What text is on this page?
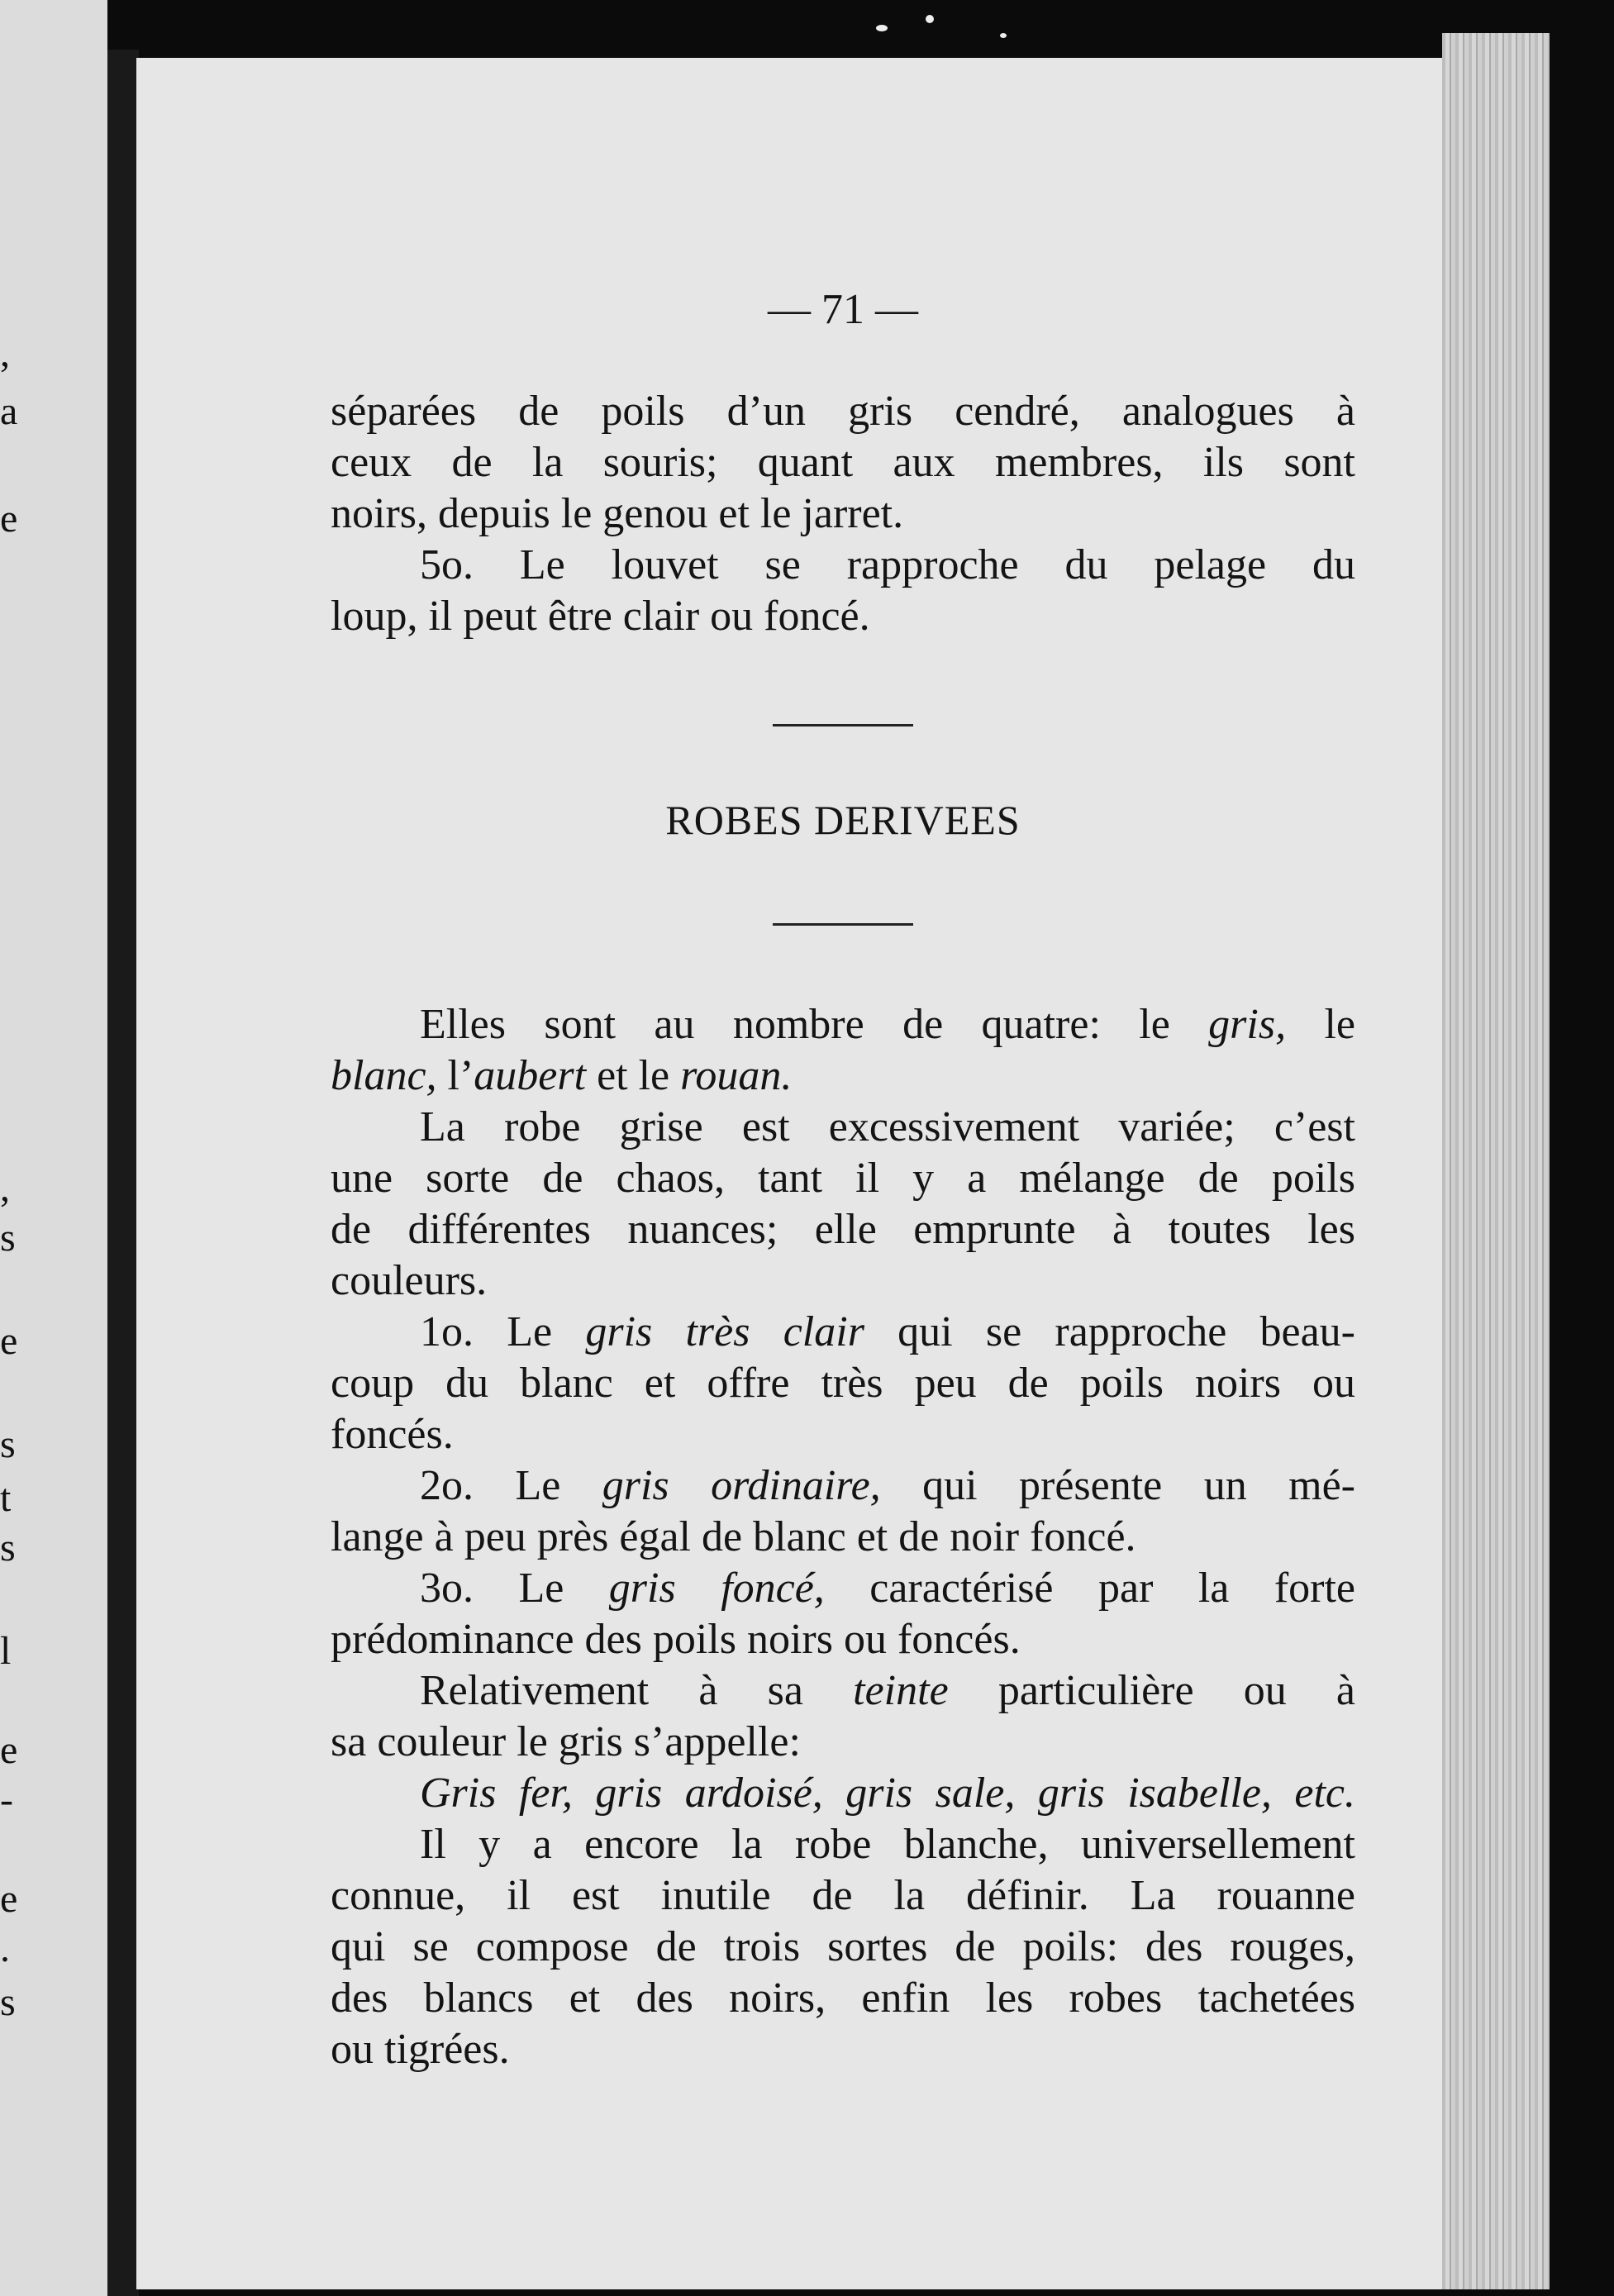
,
a
e
,
s
e
s
t
s
l
e
-
e
.
s
— 71 —
séparées de poils d’un gris cendré, analogues à
ceux de la souris; quant aux membres, ils sont
noirs, depuis le genou et le jarret.
5o. Le louvet se rapproche du pelage du
loup, il peut être clair ou foncé.
ROBES DERIVEES
Elles sont au nombre de quatre: le gris, le
blanc, l’aubert et le rouan.
La robe grise est excessivement variée; c’est
une sorte de chaos, tant il y a mélange de poils
de différentes nuances; elle emprunte à toutes les
couleurs.
1o. Le gris très clair qui se rapproche beau-
coup du blanc et offre très peu de poils noirs ou
foncés.
2o. Le gris ordinaire, qui présente un mé-
lange à peu près égal de blanc et de noir foncé.
3o. Le gris foncé, caractérisé par la forte
prédominance des poils noirs ou foncés.
Relativement à sa teinte particulière ou à
sa couleur le gris s’appelle:
Gris fer, gris ardoisé, gris sale, gris isabelle, etc.
Il y a encore la robe blanche, universellement
connue, il est inutile de la définir. La rouanne
qui se compose de trois sortes de poils: des rouges,
des blancs et des noirs, enfin les robes tachetées
ou tigrées.
